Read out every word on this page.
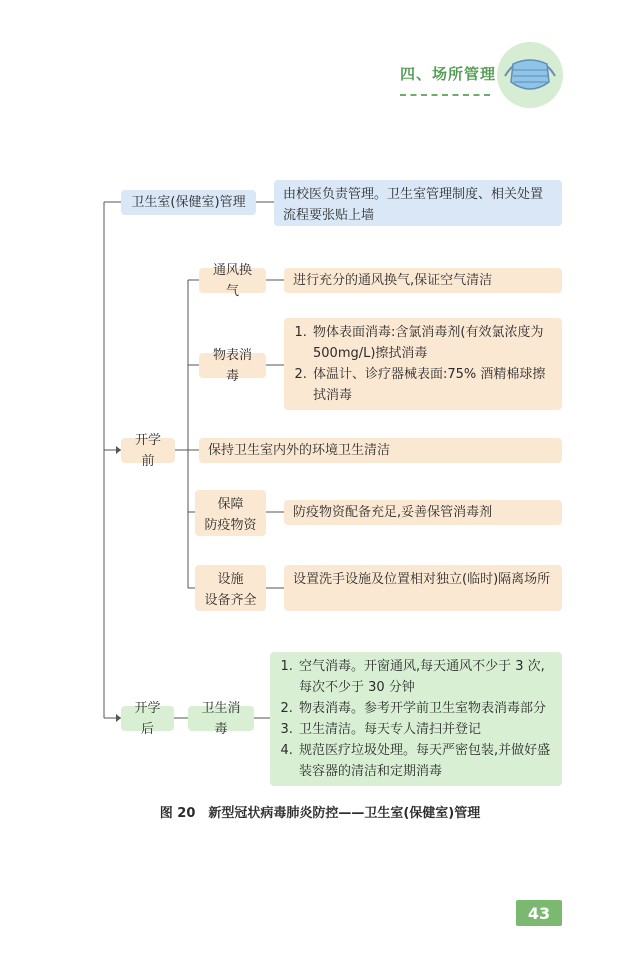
四、场所管理
卫生室(保健室)管理
由校医负责管理。卫生室管理制度、相关处置流程要张贴上墙
开学前
通风换气
进行充分的通风换气,保证空气清洁
物表消毒
1. 物体表面消毒:含氯消毒剂(有效氯浓度为500mg/L)擦拭消毒
2. 体温计、诊疗器械表面:75% 酒精棉球擦拭消毒
保持卫生室内外的环境卫生清洁
保障
防疫物资
防疫物资配备充足,妥善保管消毒剂
设施
设备齐全
设置洗手设施及位置相对独立(临时)隔离场所
开学后
卫生消毒
1. 空气消毒。开窗通风,每天通风不少于 3 次,每次不少于 30 分钟
2. 物表消毒。参考开学前卫生室物表消毒部分
3. 卫生清洁。每天专人清扫并登记
4. 规范医疗垃圾处理。每天严密包装,并做好盛装容器的清洁和定期消毒
图 20　新型冠状病毒肺炎防控——卫生室(保健室)管理
43
